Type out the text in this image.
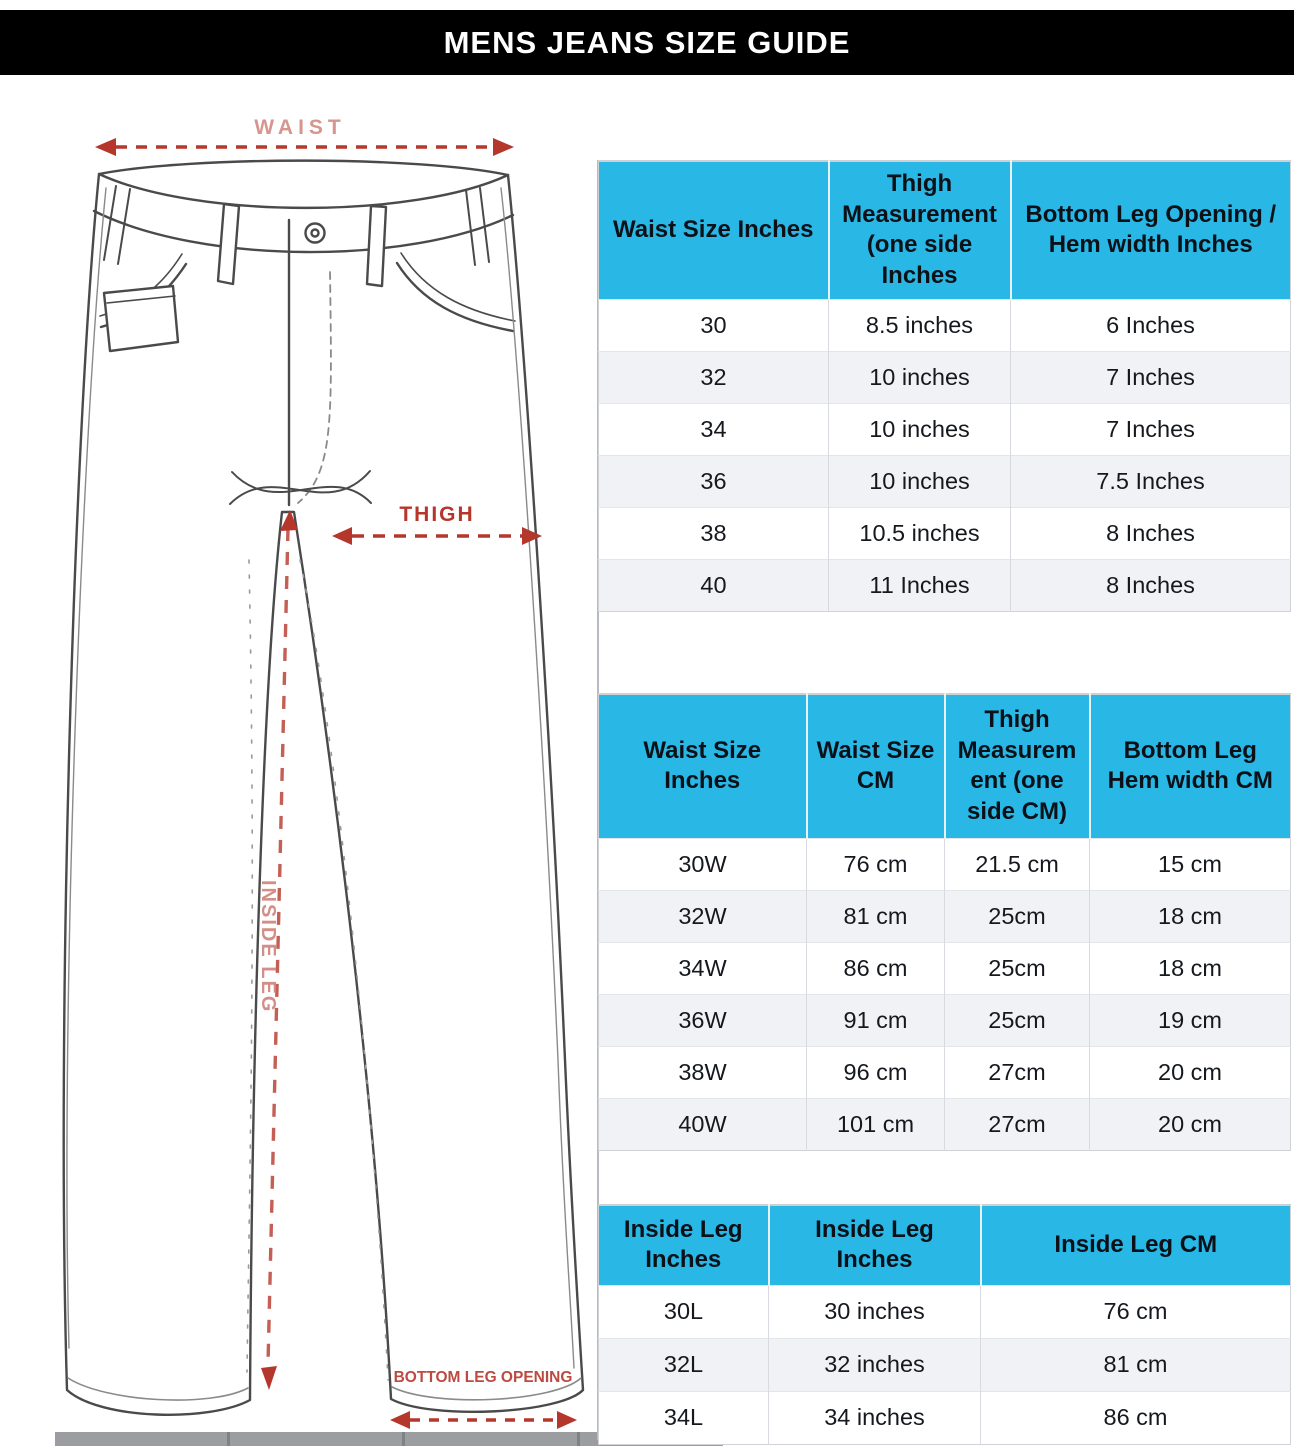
MENS JEANS SIZE GUIDE
WAIST
THIGH
INSIDE LEG
BOTTOM LEG OPENING
Waist Size Inches	Thigh Measurement (one side Inches	Bottom Leg Opening / Hem width Inches
30	8.5 inches	6 Inches
32	10 inches	7 Inches
34	10 inches	7 Inches
36	10 inches	7.5 Inches
38	10.5 inches	8 Inches
40	11 Inches	8 Inches
Waist Size Inches	Waist Size CM	Thigh Measurement (one side CM)	Bottom Leg Hem width CM
30W	76 cm	21.5 cm	15 cm
32W	81 cm	25cm	18 cm
34W	86 cm	25cm	18 cm
36W	91 cm	25cm	19 cm
38W	96 cm	27cm	20 cm
40W	101 cm	27cm	20 cm
Inside Leg Inches	Inside Leg Inches	Inside Leg CM
30L	30 inches	76 cm
32L	32 inches	81 cm
34L	34 inches	86 cm
